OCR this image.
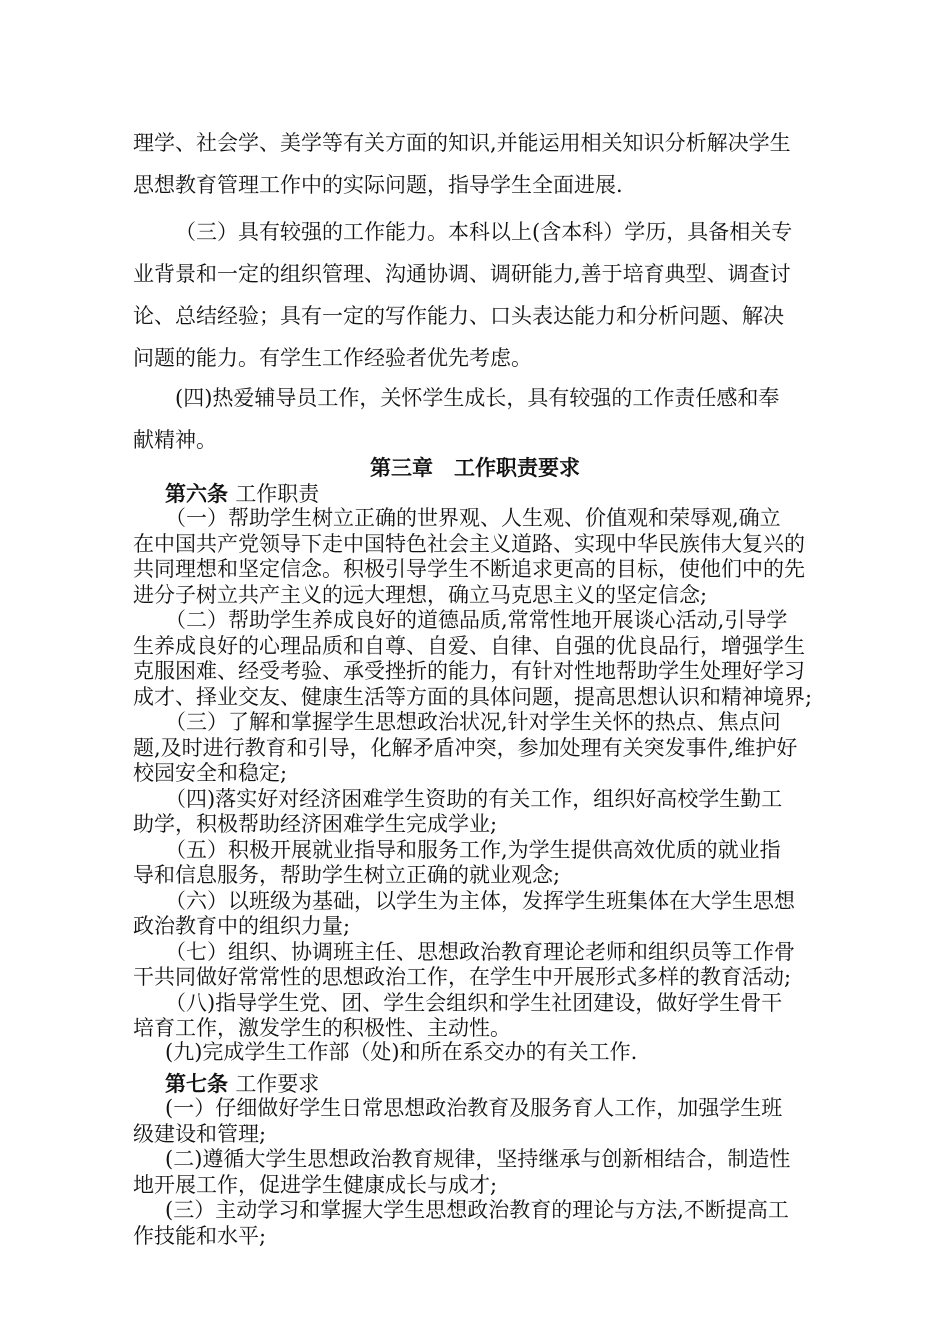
理学、社会学、美学等有关方面的知识,并能运用相关知识分析解决学生
思想教育管理工作中的实际问题，指导学生全面进展.
（三）具有较强的工作能力。本科以上(含本科）学历，具备相关专
业背景和一定的组织管理、沟通协调、调研能力,善于培育典型、调查讨
论、总结经验；具有一定的写作能力、口头表达能力和分析问题、解决
问题的能力。有学生工作经验者优先考虑。
(四)热爱辅导员工作，关怀学生成长，具有较强的工作责任感和奉
献精神。
第三章　工作职责要求
第六条 工作职责
（一）帮助学生树立正确的世界观、人生观、价值观和荣辱观,确立
在中国共产党领导下走中国特色社会主义道路、实现中华民族伟大复兴的
共同理想和坚定信念。积极引导学生不断追求更高的目标，使他们中的先
进分子树立共产主义的远大理想，确立马克思主义的坚定信念;
（二）帮助学生养成良好的道德品质,常常性地开展谈心活动,引导学
生养成良好的心理品质和自尊、自爱、自律、自强的优良品行，增强学生
克服困难、经受考验、承受挫折的能力，有针对性地帮助学生处理好学习
成才、择业交友、健康生活等方面的具体问题，提高思想认识和精神境界;
（三）了解和掌握学生思想政治状况,针对学生关怀的热点、焦点问
题,及时进行教育和引导，化解矛盾冲突，参加处理有关突发事件,维护好
校园安全和稳定;
（四)落实好对经济困难学生资助的有关工作，组织好高校学生勤工
助学，积极帮助经济困难学生完成学业;
（五）积极开展就业指导和服务工作,为学生提供高效优质的就业指
导和信息服务，帮助学生树立正确的就业观念;
（六）以班级为基础，以学生为主体，发挥学生班集体在大学生思想
政治教育中的组织力量;
（七）组织、协调班主任、思想政治教育理论老师和组织员等工作骨
干共同做好常常性的思想政治工作，在学生中开展形式多样的教育活动;
（八)指导学生党、团、学生会组织和学生社团建设，做好学生骨干
培育工作，激发学生的积极性、主动性。
(九)完成学生工作部（处)和所在系交办的有关工作.
第七条 工作要求
(一）仔细做好学生日常思想政治教育及服务育人工作，加强学生班
级建设和管理;
(二)遵循大学生思想政治教育规律，坚持继承与创新相结合，制造性
地开展工作，促进学生健康成长与成才;
(三）主动学习和掌握大学生思想政治教育的理论与方法,不断提高工
作技能和水平;
